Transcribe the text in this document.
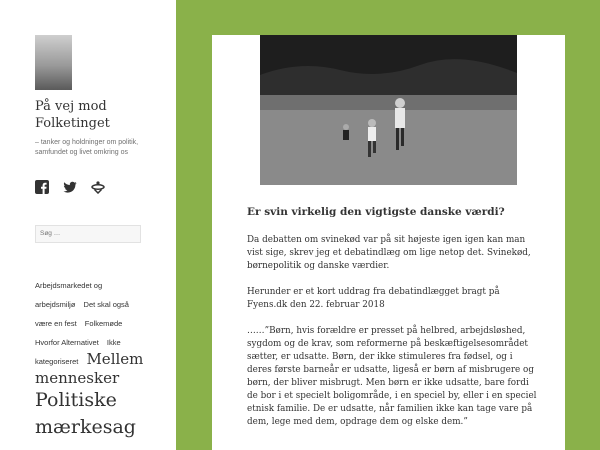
På vej mod Folketinget
– tanker og holdninger om politik, samfundet og livet omkring os
Søg …
Arbejdsmarkedet og arbejdsmiljø Det skal også være en fest Folkemøde Hvorfor Alternativet Ikke kategoriseret Mellem mennesker Politiske mærkesag
Er svin virkelig den vigtigste danske værdi?

Da debatten om svinekød var på sit højeste igen igen kan man vist sige, skrev jeg et debatindlæg om lige netop det. Svinekød, børnepolitik og danske værdier.

Herunder er et kort uddrag fra debatindlægget bragt på Fyens.dk den 22. februar 2018

……”Børn, hvis forældre er presset på helbred, arbejdsløshed, sygdom og de krav, som reformerne på beskæftigelsesområdet sætter, er udsatte. Børn, der ikke stimuleres fra fødsel, og i deres første barneår er udsatte, ligeså er børn af misbrugere og børn, der bliver misbrugt. Men børn er ikke udsatte, bare fordi de bor i et specielt boligområde, i en speciel by, eller i en speciel etnisk familie. De er udsatte, når familien ikke kan tage vare på dem, lege med dem, opdrage dem og elske dem.”
